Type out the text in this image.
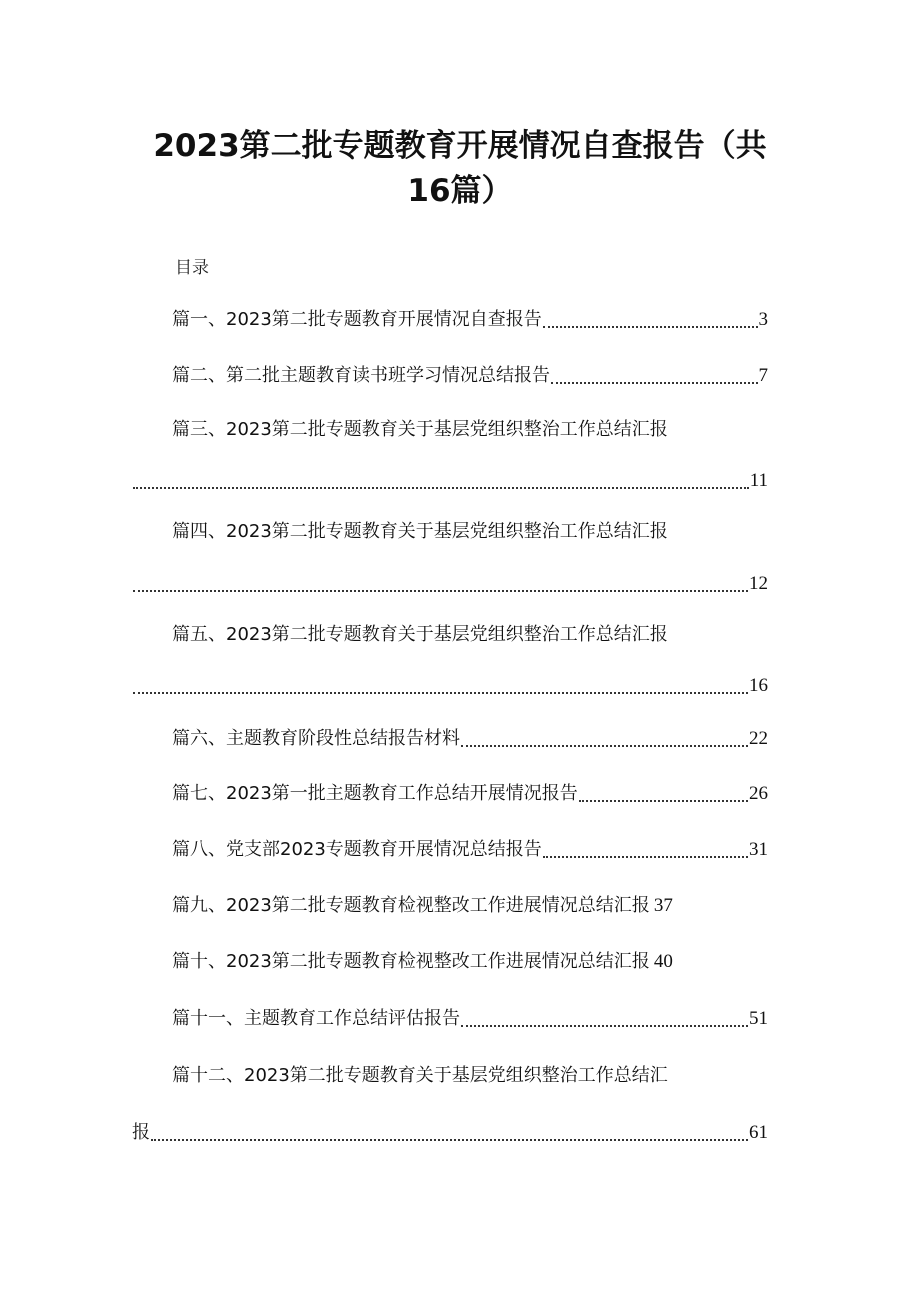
2023第二批专题教育开展情况自查报告（共
16篇）
目录
篇一、2023第二批专题教育开展情况自查报告	3
篇二、第二批主题教育读书班学习情况总结报告	7
篇三、2023第二批专题教育关于基层党组织整治工作总结汇报
11
篇四、2023第二批专题教育关于基层党组织整治工作总结汇报
12
篇五、2023第二批专题教育关于基层党组织整治工作总结汇报
16
篇六、主题教育阶段性总结报告材料	22
篇七、2023第一批主题教育工作总结开展情况报告	26
篇八、党支部2023专题教育开展情况总结报告	31
篇九、2023第二批专题教育检视整改工作进展情况总结汇报 37
篇十、2023第二批专题教育检视整改工作进展情况总结汇报 40
篇十一、主题教育工作总结评估报告	51
篇十二、2023第二批专题教育关于基层党组织整治工作总结汇
报	61
